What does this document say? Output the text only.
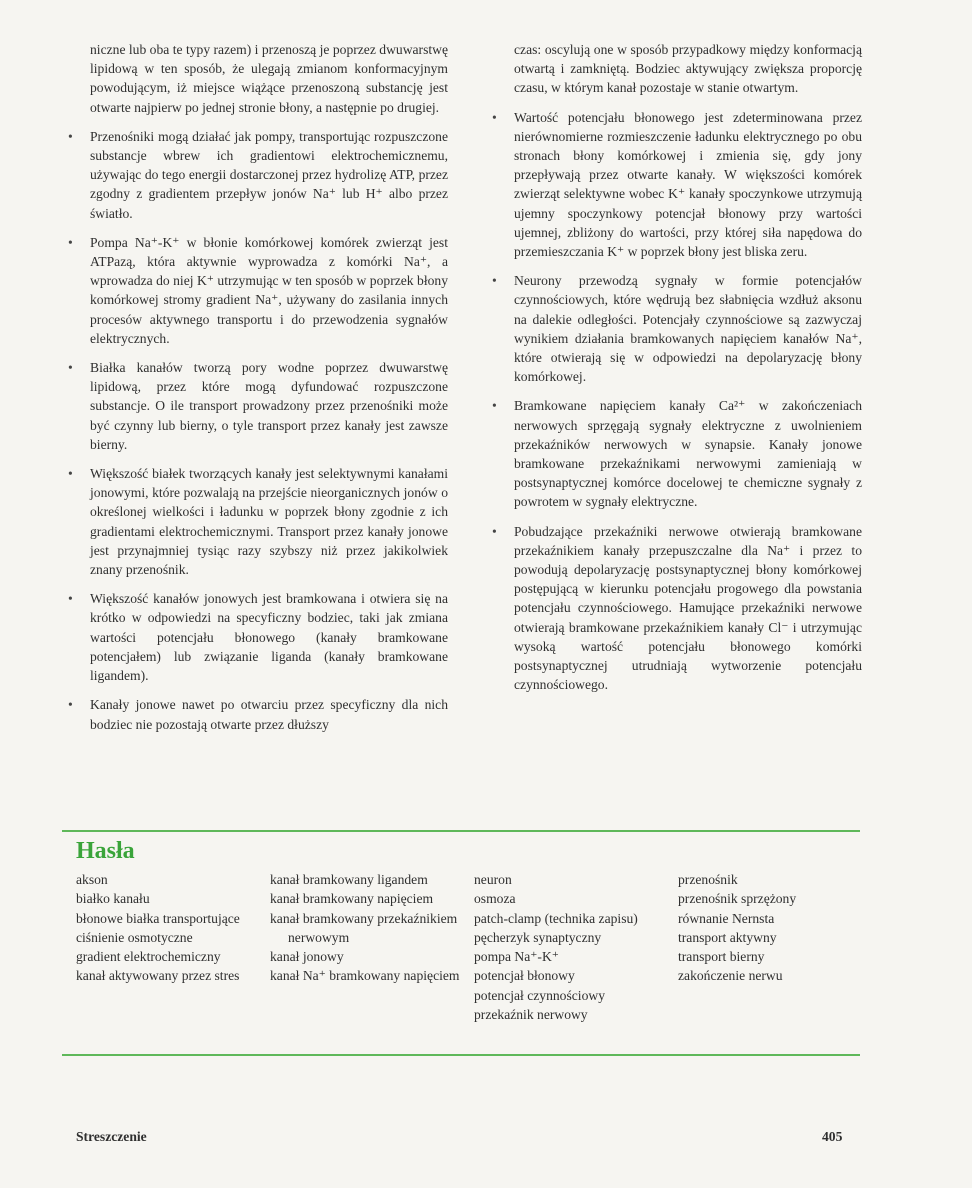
niczne lub oba te typy razem) i przenoszą je poprzez dwuwarstwę lipidową w ten sposób, że ulegają zmianom konformacyjnym powodującym, iż miejsce wiążące przenoszoną substancję jest otwarte najpierw po jednej stronie błony, a następnie po drugiej.

• Przenośniki mogą działać jak pompy, transportując rozpuszczone substancje wbrew ich gradientowi elektrochemicznemu, używając do tego energii dostarczonej przez hydrolizę ATP, przez zgodny z gradientem przepływ jonów Na⁺ lub H⁺ albo przez światło.
• Pompa Na⁺-K⁺ w błonie komórkowej komórek zwierząt jest ATPazą, która aktywnie wyprowadza z komórki Na⁺, a wprowadza do niej K⁺ utrzymując w ten sposób w poprzek błony komórkowej stromy gradient Na⁺, używany do zasilania innych procesów aktywnego transportu i do przewodzenia sygnałów elektrycznych.
• Białka kanałów tworzą pory wodne poprzez dwuwarstwę lipidową, przez które mogą dyfundować rozpuszczone substancje. O ile transport prowadzony przez przenośniki może być czynny lub bierny, o tyle transport przez kanały jest zawsze bierny.
• Większość białek tworzących kanały jest selektywnymi kanałami jonowymi, które pozwalają na przejście nieorganicznych jonów o określonej wielkości i ładunku w poprzek błony zgodnie z ich gradientami elektrochemicznymi. Transport przez kanały jonowe jest przynajmniej tysiąc razy szybszy niż przez jakikolwiek znany przenośnik.
• Większość kanałów jonowych jest bramkowana i otwiera się na krótko w odpowiedzi na specyficzny bodziec, taki jak zmiana wartości potencjału błonowego (kanały bramkowane potencjałem) lub związanie liganda (kanały bramkowane ligandem).
• Kanały jonowe nawet po otwarciu przez specyficzny dla nich bodziec nie pozostają otwarte przez dłuższy

czas: oscylują one w sposób przypadkowy między konformacją otwartą i zamkniętą. Bodziec aktywujący zwiększa proporcję czasu, w którym kanał pozostaje w stanie otwartym.

• Wartość potencjału błonowego jest zdeterminowana przez nierównomierne rozmieszczenie ładunku elektrycznego po obu stronach błony komórkowej i zmienia się, gdy jony przepływają przez otwarte kanały. W większości komórek zwierząt selektywne wobec K⁺ kanały spoczynkowe utrzymują ujemny spoczynkowy potencjał błonowy przy wartości ujemnej, zbliżony do wartości, przy której siła napędowa do przemieszczania K⁺ w poprzek błony jest bliska zeru.
• Neurony przewodzą sygnały w formie potencjałów czynnościowych, które wędrują bez słabnięcia wzdłuż aksonu na dalekie odległości. Potencjały czynnościowe są zazwyczaj wynikiem działania bramkowanych napięciem kanałów Na⁺, które otwierają się w odpowiedzi na depolaryzację błony komórkowej.
• Bramkowane napięciem kanały Ca²⁺ w zakończeniach nerwowych sprzęgają sygnały elektryczne z uwolnieniem przekaźników nerwowych w synapsie. Kanały jonowe bramkowane przekaźnikami nerwowymi zamieniają w postsynaptycznej komórce docelowej te chemiczne sygnały z powrotem w sygnały elektryczne.
• Pobudzające przekaźniki nerwowe otwierają bramkowane przekaźnikiem kanały przepuszczalne dla Na⁺ i przez to powodują depolaryzację postsynaptycznej błony komórkowej postępującą w kierunku potencjału progowego dla powstania potencjału czynnościowego. Hamujące przekaźniki nerwowe otwierają bramkowane przekaźnikiem kanały Cl⁻ i utrzymując wysoką wartość potencjału błonowego komórki postsynaptycznej utrudniają wytworzenie potencjału czynnościowego.
Hasła

akson

białko kanału

błonowe białka transportujące

ciśnienie osmotyczne

gradient elektrochemiczny

kanał aktywowany przez stres

kanał bramkowany ligandem

kanał bramkowany napięciem

kanał bramkowany przekaźnikiem nerwowym

kanał jonowy

kanał Na⁺ bramkowany napięciem

neuron

osmoza

patch-clamp (technika zapisu)

pęcherzyk synaptyczny

pompa Na⁺-K⁺

potencjał błonowy

potencjał czynnościowy

przekaźnik nerwowy

przenośnik

przenośnik sprzężony

równanie Nernsta

transport aktywny

transport bierny

zakończenie nerwu

Streszczenie	405
